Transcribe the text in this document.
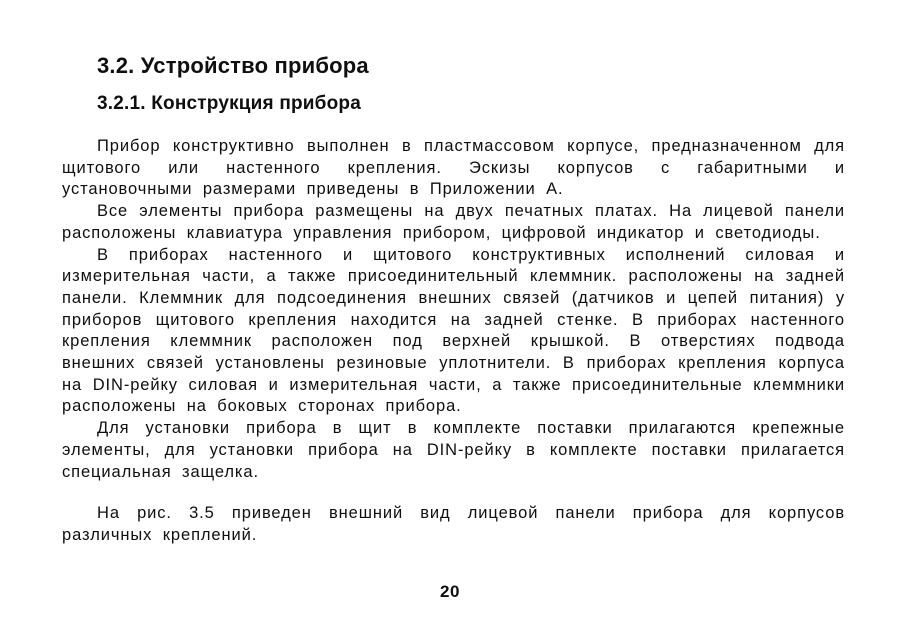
3.2. Устройство прибора
3.2.1. Конструкция прибора

Прибор конструктивно выполнен в пластмассовом корпусе, предназначенном для щитового или настенного крепления. Эскизы корпусов с габаритными и установочными размерами приведены в Приложении А.

Все элементы прибора размещены на двух печатных платах. На лицевой панели расположены клавиатура управления прибором, цифровой индикатор и светодиоды.

В приборах настенного и щитового конструктивных исполнений силовая и измерительная части, а также присоединительный клеммник. расположены на задней панели. Клеммник для подсоединения внешних связей (датчиков и цепей питания) у приборов щитового крепления находится на задней стенке. В приборах настенного крепления клеммник расположен под верхней крышкой. В отверстиях подвода внешних связей установлены резиновые уплотнители. В приборах крепления корпуса на DIN-рейку силовая и измерительная части, а также присоединительные клеммники расположены на боковых сторонах прибора.

Для установки прибора в щит в комплекте поставки прилагаются крепежные элементы, для установки прибора на DIN-рейку в комплекте поставки прилагается специальная защелка.

На рис. 3.5 приведен внешний вид лицевой панели прибора для корпусов различных креплений.

20
